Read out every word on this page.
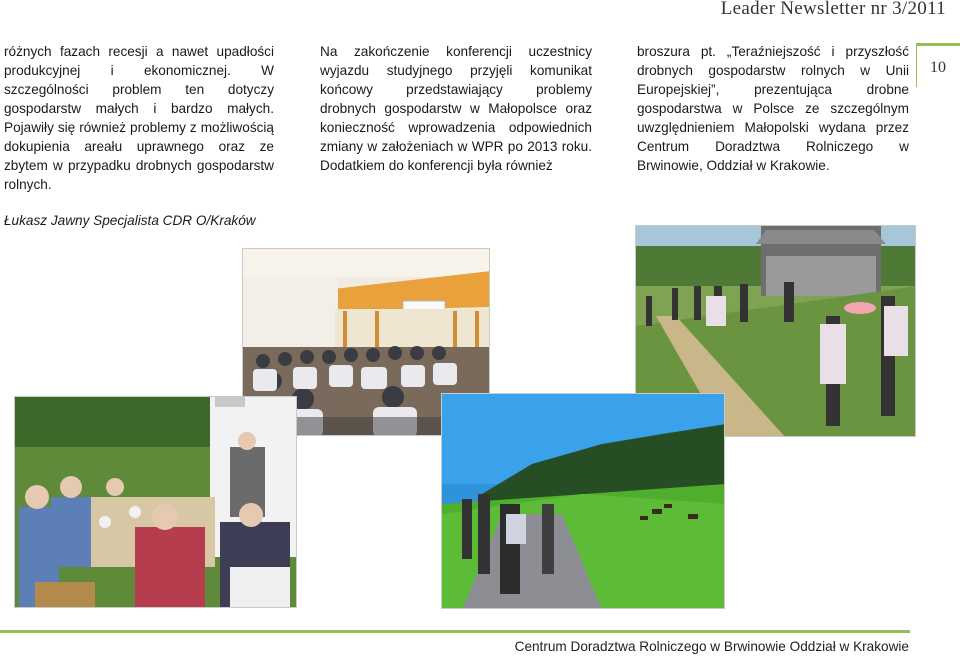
Leader Newsletter nr 3/2011
10

różnych fazach recesji a nawet upadłości produkcyjnej i ekonomicznej. W szczególności problem ten dotyczy gospodarstw małych i bardzo małych. Pojawiły się również problemy z możliwością dokupienia areału uprawnego oraz ze zbytem w przypadku drobnych gospodarstw rolnych.

Na zakończenie konferencji uczestnicy wyjazdu studyjnego przyjęli komunikat końcowy przedstawiający problemy drobnych gospodarstw w Małopolsce oraz konieczność wprowadzenia odpowiednich zmiany w założeniach w WPR po 2013 roku. Dodatkiem do konferencji była również

broszura pt. „Teraźniejszość i przyszłość drobnych gospodarstw rolnych w Unii Europejskiej”, prezentująca drobne gospodarstwa w Polsce ze szczególnym uwzględnieniem Małopolski wydana przez Centrum Doradztwa Rolniczego w Brwinowie, Oddział w Krakowie.

Łukasz Jawny Specjalista CDR O/Kraków
Centrum Doradztwa Rolniczego w Brwinowie Oddział w Krakowie
